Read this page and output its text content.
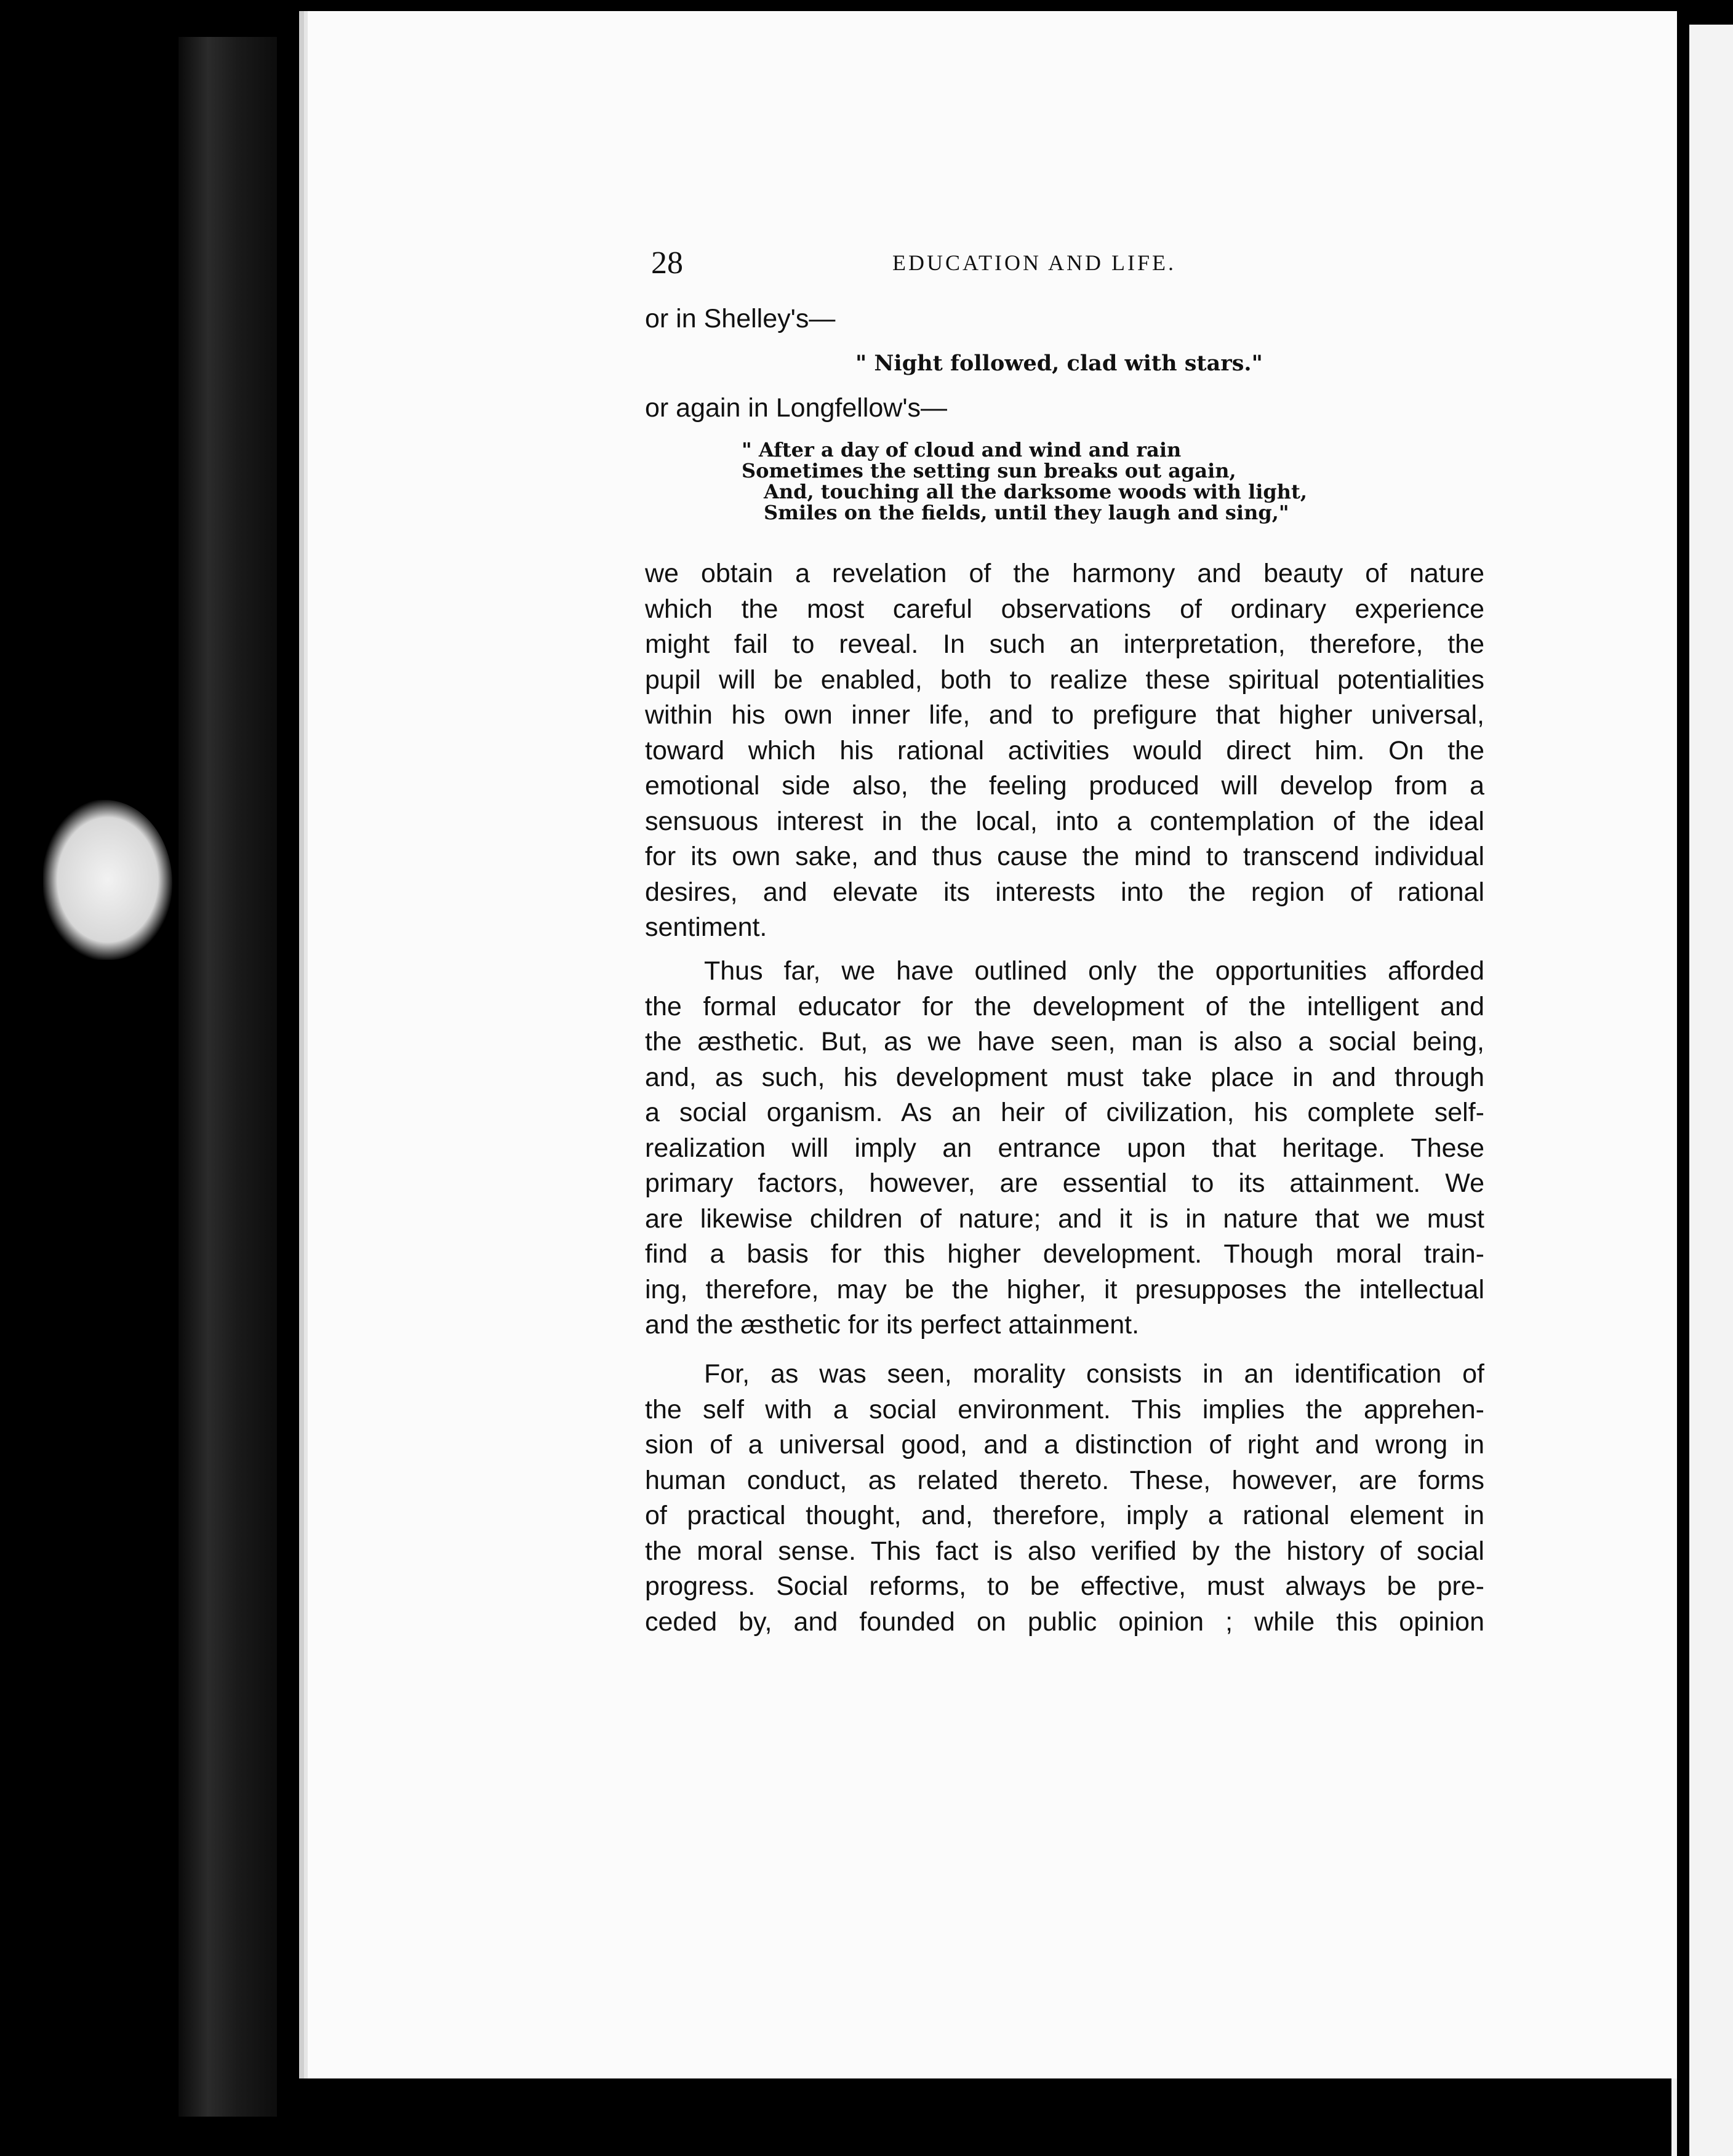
28	EDUCATION AND LIFE.
or in Shelley's—
" Night followed, clad with stars."
or again in Longfellow's—
" After a day of cloud and wind and rain
Sometimes the setting sun breaks out again,
And, touching all the darksome woods with light,
Smiles on the fields, until they laugh and sing,"
we obtain a revelation of the harmony and beauty of nature
which the most careful observations of ordinary experience
might fail to reveal. In such an interpretation, therefore, the
pupil will be enabled, both to realize these spiritual potentialities
within his own inner life, and to prefigure that higher universal,
toward which his rational activities would direct him. On the
emotional side also, the feeling produced will develop from a
sensuous interest in the local, into a contemplation of the ideal
for its own sake, and thus cause the mind to transcend individual
desires, and elevate its interests into the region of rational
sentiment.
Thus far, we have outlined only the opportunities afforded
the formal educator for the development of the intelligent and
the æsthetic. But, as we have seen, man is also a social being,
and, as such, his development must take place in and through
a social organism. As an heir of civilization, his complete self-
realization will imply an entrance upon that heritage. These
primary factors, however, are essential to its attainment. We
are likewise children of nature; and it is in nature that we must
find a basis for this higher development. Though moral train-
ing, therefore, may be the higher, it presupposes the intellectual
and the æsthetic for its perfect attainment.
For, as was seen, morality consists in an identification of
the self with a social environment. This implies the apprehen-
sion of a universal good, and a distinction of right and wrong in
human conduct, as related thereto. These, however, are forms
of practical thought, and, therefore, imply a rational element in
the moral sense. This fact is also verified by the history of social
progress. Social reforms, to be effective, must always be pre-
ceded by, and founded on public opinion ; while this opinion
